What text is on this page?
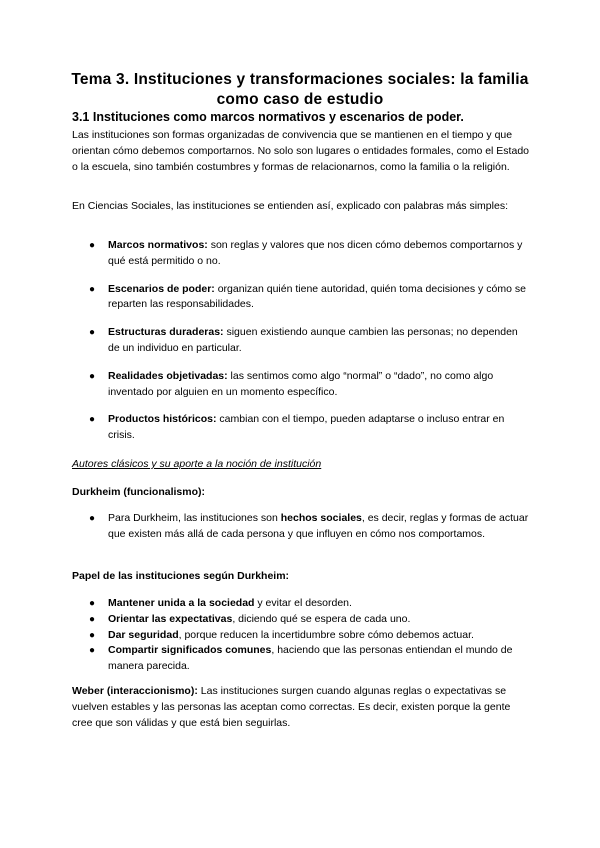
Tema 3. Instituciones y transformaciones sociales: la familia como caso de estudio
3.1 Instituciones como marcos normativos y escenarios de poder.
Las instituciones son formas organizadas de convivencia que se mantienen en el tiempo y que orientan cómo debemos comportarnos. No solo son lugares o entidades formales, como el Estado o la escuela, sino también costumbres y formas de relacionarnos, como la familia o la religión.
En Ciencias Sociales, las instituciones se entienden así, explicado con palabras más simples:
● Marcos normativos: son reglas y valores que nos dicen cómo debemos comportarnos y qué está permitido o no.
● Escenarios de poder: organizan quién tiene autoridad, quién toma decisiones y cómo se reparten las responsabilidades.
● Estructuras duraderas: siguen existiendo aunque cambien las personas; no dependen de un individuo en particular.
● Realidades objetivadas: las sentimos como algo “normal” o “dado”, no como algo inventado por alguien en un momento específico.
● Productos históricos: cambian con el tiempo, pueden adaptarse o incluso entrar en crisis.
Autores clásicos y su aporte a la noción de institución
Durkheim (funcionalismo):
● Para Durkheim, las instituciones son hechos sociales, es decir, reglas y formas de actuar que existen más allá de cada persona y que influyen en cómo nos comportamos.
Papel de las instituciones según Durkheim:
● Mantener unida a la sociedad y evitar el desorden.
● Orientar las expectativas, diciendo qué se espera de cada uno.
● Dar seguridad, porque reducen la incertidumbre sobre cómo debemos actuar.
● Compartir significados comunes, haciendo que las personas entiendan el mundo de manera parecida.
Weber (interaccionismo): Las instituciones surgen cuando algunas reglas o expectativas se vuelven estables y las personas las aceptan como correctas. Es decir, existen porque la gente cree que son válidas y que está bien seguirlas.
